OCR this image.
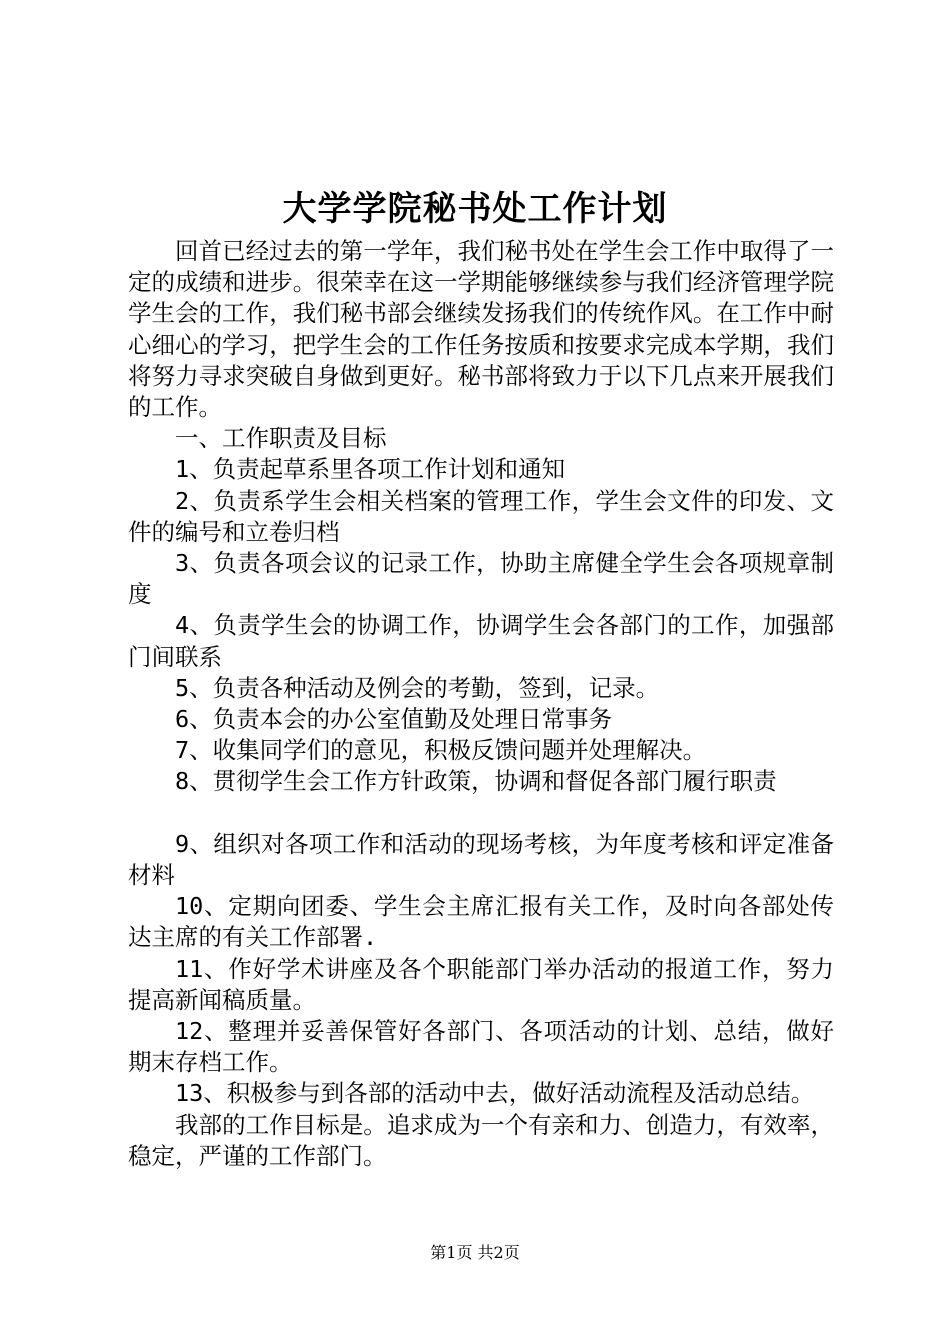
大学学院秘书处工作计划

回首已经过去的第一学年，我们秘书处在学生会工作中取得了一定的成绩和进步。很荣幸在这一学期能够继续参与我们经济管理学院学生会的工作，我们秘书部会继续发扬我们的传统作风。在工作中耐心细心的学习，把学生会的工作任务按质和按要求完成本学期，我们将努力寻求突破自身做到更好。秘书部将致力于以下几点来开展我们的工作。

一、工作职责及目标

1、负责起草系里各项工作计划和通知

2、负责系学生会相关档案的管理工作，学生会文件的印发、文件的编号和立卷归档

3、负责各项会议的记录工作，协助主席健全学生会各项规章制度

4、负责学生会的协调工作，协调学生会各部门的工作，加强部门间联系

5、负责各种活动及例会的考勤，签到，记录。

6、负责本会的办公室值勤及处理日常事务

7、收集同学们的意见，积极反馈问题并处理解决。

8、贯彻学生会工作方针政策，协调和督促各部门履行职责

9、组织对各项工作和活动的现场考核，为年度考核和评定准备材料

10、定期向团委、学生会主席汇报有关工作，及时向各部处传达主席的有关工作部署.

11、作好学术讲座及各个职能部门举办活动的报道工作，努力提高新闻稿质量。

12、整理并妥善保管好各部门、各项活动的计划、总结，做好期末存档工作。

13、积极参与到各部的活动中去，做好活动流程及活动总结。

我部的工作目标是。追求成为一个有亲和力、创造力，有效率，稳定，严谨的工作部门。

第1页 共2页
